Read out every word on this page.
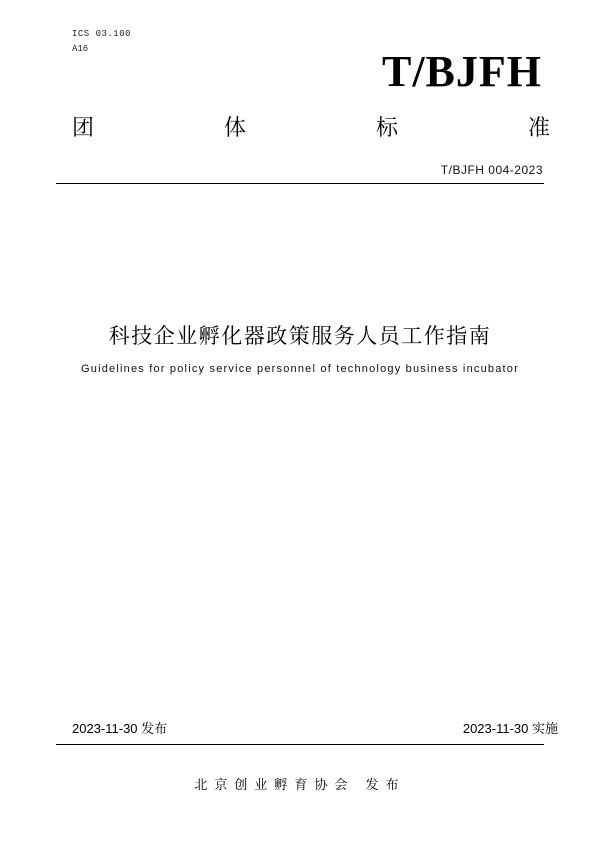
ICS 03.100
A16	T/BJFH
团	体	标	准
T/BJFH 004-2023
科技企业孵化器政策服务人员工作指南
Guidelines for policy service personnel of technology business incubator
2023-11-30 发布	2023-11-30 实施
北京创业孵育协会 发布
